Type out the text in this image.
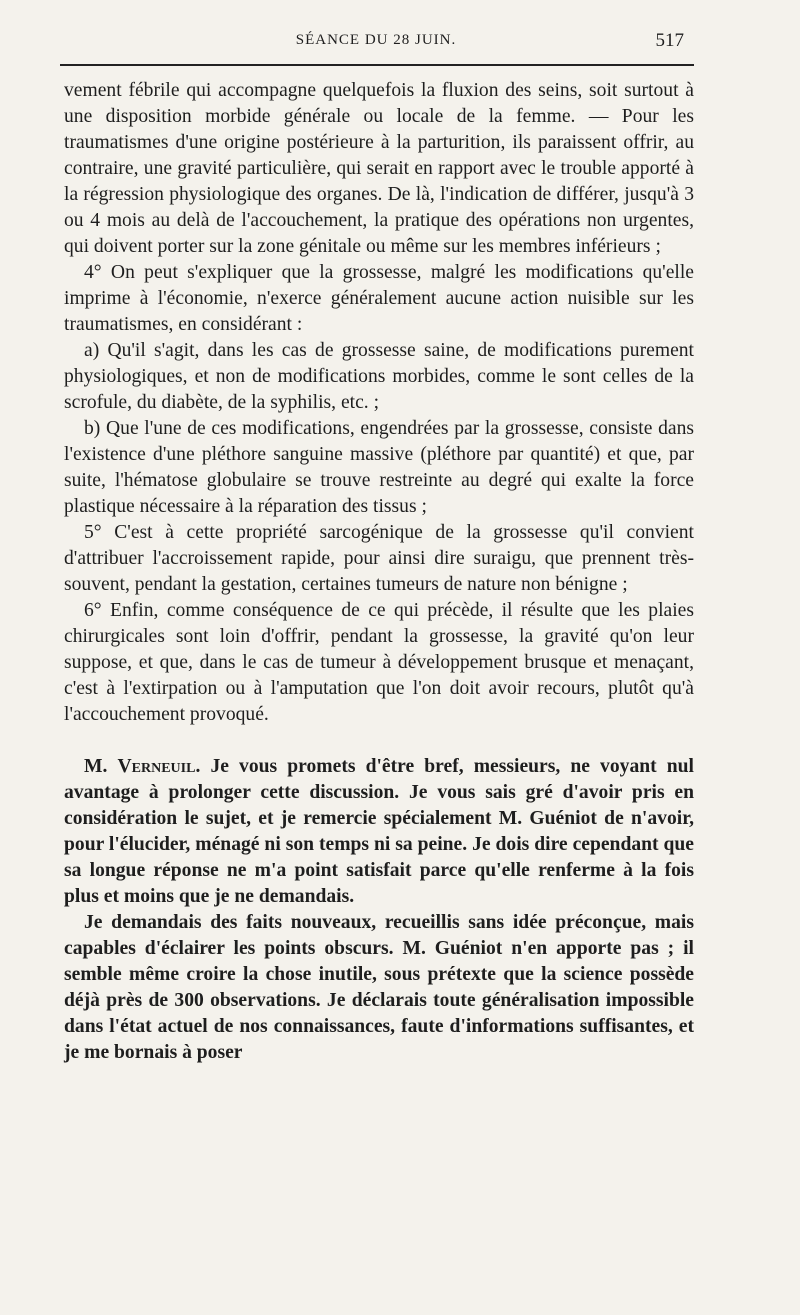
SÉANCE DU 28 JUIN.	517

vement fébrile qui accompagne quelquefois la fluxion des seins, soit surtout à une disposition morbide générale ou locale de la femme. — Pour les traumatismes d'une origine postérieure à la parturition, ils paraissent offrir, au contraire, une gravité particulière, qui serait en rapport avec le trouble apporté à la régression physiologique des organes. De là, l'indication de différer, jusqu'à 3 ou 4 mois au delà de l'accouchement, la pratique des opérations non urgentes, qui doivent porter sur la zone génitale ou même sur les membres inférieurs ;

4° On peut s'expliquer que la grossesse, malgré les modifications qu'elle imprime à l'économie, n'exerce généralement aucune action nuisible sur les traumatismes, en considérant :

a) Qu'il s'agit, dans les cas de grossesse saine, de modifications purement physiologiques, et non de modifications morbides, comme le sont celles de la scrofule, du diabète, de la syphilis, etc. ;

b) Que l'une de ces modifications, engendrées par la grossesse, consiste dans l'existence d'une pléthore sanguine massive (pléthore par quantité) et que, par suite, l'hématose globulaire se trouve restreinte au degré qui exalte la force plastique nécessaire à la réparation des tissus ;

5° C'est à cette propriété sarcogénique de la grossesse qu'il convient d'attribuer l'accroissement rapide, pour ainsi dire suraigu, que prennent très-souvent, pendant la gestation, certaines tumeurs de nature non bénigne ;

6° Enfin, comme conséquence de ce qui précède, il résulte que les plaies chirurgicales sont loin d'offrir, pendant la grossesse, la gravité qu'on leur suppose, et que, dans le cas de tumeur à développement brusque et menaçant, c'est à l'extirpation ou à l'amputation que l'on doit avoir recours, plutôt qu'à l'accouchement provoqué.

M. Verneuil. Je vous promets d'être bref, messieurs, ne voyant nul avantage à prolonger cette discussion. Je vous sais gré d'avoir pris en considération le sujet, et je remercie spécialement M. Guéniot de n'avoir, pour l'élucider, ménagé ni son temps ni sa peine. Je dois dire cependant que sa longue réponse ne m'a point satisfait parce qu'elle renferme à la fois plus et moins que je ne demandais.

Je demandais des faits nouveaux, recueillis sans idée préconçue, mais capables d'éclairer les points obscurs. M. Guéniot n'en apporte pas ; il semble même croire la chose inutile, sous prétexte que la science possède déjà près de 300 observations. Je déclarais toute généralisation impossible dans l'état actuel de nos connaissances, faute d'informations suffisantes, et je me bornais à poser
